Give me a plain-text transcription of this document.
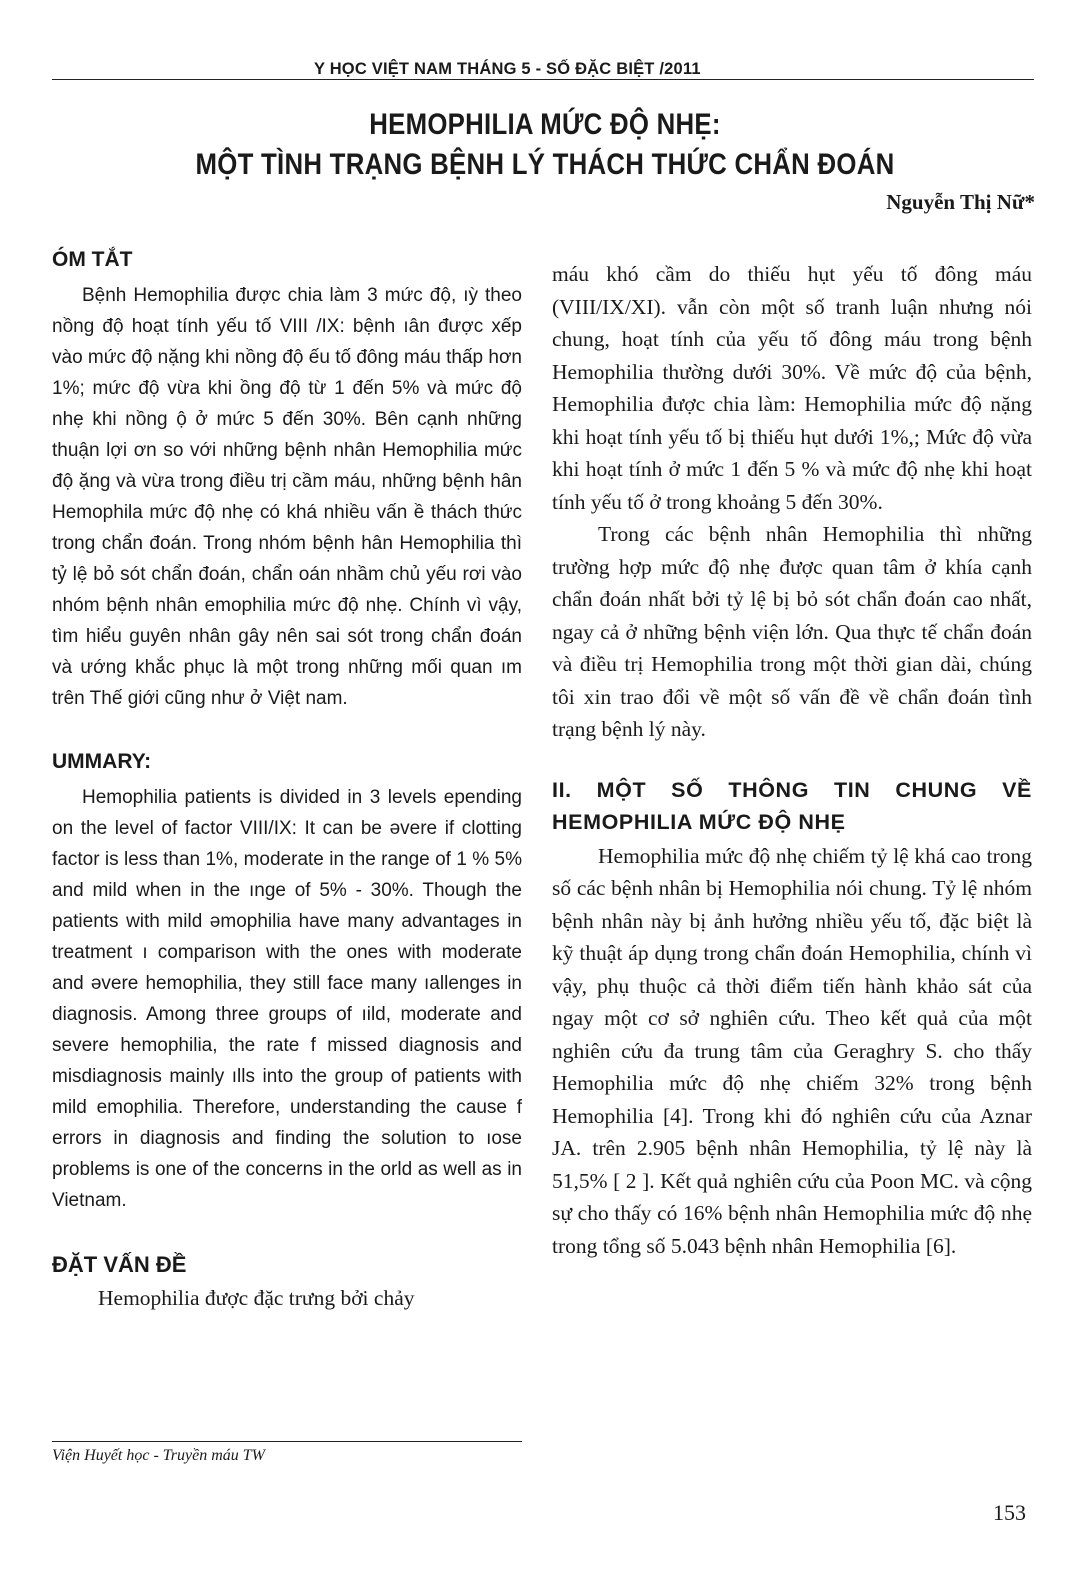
Y HỌC VIỆT NAM THÁNG 5 - SỐ ĐẶC BIỆT /2011
HEMOPHILIA MỨC ĐỘ NHẸ:
MỘT TÌNH TRẠNG BỆNH LÝ THÁCH THỨC CHẨN ĐOÁN
Nguyễn Thị Nữ*
ÓM TẮT

Bệnh Hemophilia được chia làm 3 mức độ, ıỳ theo nồng độ hoạt tính yếu tố VIII /IX: bệnh ıân được xếp vào mức độ nặng khi nồng độ ếu tố đông máu thấp hơn 1%; mức độ vừa khi ồng độ từ 1 đến 5% và mức độ nhẹ khi nồng ộ ở mức 5 đến 30%. Bên cạnh những thuận lợi ơn so với những bệnh nhân Hemophilia mức độ ặng và vừa trong điều trị cầm máu, những bệnh hân Hemophila mức độ nhẹ có khá nhiều vấn ề thách thức trong chẩn đoán. Trong nhóm bệnh hân Hemophilia thì tỷ lệ bỏ sót chẩn đoán, chẩn oán nhầm chủ yếu rơi vào nhóm bệnh nhân emophilia mức độ nhẹ. Chính vì vậy, tìm hiểu guyên nhân gây nên sai sót trong chẩn đoán và ướng khắc phục là một trong những mối quan ım trên Thế giới cũng như ở Việt nam.

UMMARY:

Hemophilia patients is divided in 3 levels epending on the level of factor VIII/IX: It can be əvere if clotting factor is less than 1%, moderate in the range of 1 % 5% and mild when in the ınge of 5% - 30%. Though the patients with mild əmophilia have many advantages in treatment ı comparison with the ones with moderate and əvere hemophilia, they still face many ıallenges in diagnosis. Among three groups of ıild, moderate and severe hemophilia, the rate f missed diagnosis and misdiagnosis mainly ılls into the group of patients with mild emophilia. Therefore, understanding the cause f errors in diagnosis and finding the solution to ıose problems is one of the concerns in the orld as well as in Vietnam.

ĐẶT VẤN ĐỀ

Hemophilia được đặc trưng bởi chảy

Viện Huyết học - Truyền máu TW

máu khó cầm do thiếu hụt yếu tố đông máu (VIII/IX/XI). vẫn còn một số tranh luận nhưng nói chung, hoạt tính của yếu tố đông máu trong bệnh Hemophilia thường dưới 30%. Về mức độ của bệnh, Hemophilia được chia làm: Hemophilia mức độ nặng khi hoạt tính yếu tố bị thiếu hụt dưới 1%,; Mức độ vừa khi hoạt tính ở mức 1 đến 5 % và mức độ nhẹ khi hoạt tính yếu tố ở trong khoảng 5 đến 30%.

Trong các bệnh nhân Hemophilia thì những trường hợp mức độ nhẹ được quan tâm ở khía cạnh chẩn đoán nhất bởi tỷ lệ bị bỏ sót chẩn đoán cao nhất, ngay cả ở những bệnh viện lớn. Qua thực tế chẩn đoán và điều trị Hemophilia trong một thời gian dài, chúng tôi xin trao đổi về một số vấn đề về chẩn đoán tình trạng bệnh lý này.

II. MỘT SỐ THÔNG TIN CHUNG VỀ HEMOPHILIA MỨC ĐỘ NHẸ

Hemophilia mức độ nhẹ chiếm tỷ lệ khá cao trong số các bệnh nhân bị Hemophilia nói chung. Tỷ lệ nhóm bệnh nhân này bị ảnh hưởng nhiều yếu tố, đặc biệt là kỹ thuật áp dụng trong chẩn đoán Hemophilia, chính vì vậy, phụ thuộc cả thời điểm tiến hành khảo sát của ngay một cơ sở nghiên cứu. Theo kết quả của một nghiên cứu đa trung tâm của Geraghry S. cho thấy Hemophilia mức độ nhẹ chiếm 32% trong bệnh Hemophilia [4]. Trong khi đó nghiên cứu của Aznar JA. trên 2.905 bệnh nhân Hemophilia, tỷ lệ này là 51,5% [ 2 ]. Kết quả nghiên cứu của Poon MC. và cộng sự cho thấy có 16% bệnh nhân Hemophilia mức độ nhẹ trong tổng số 5.043 bệnh nhân Hemophilia [6].

153
